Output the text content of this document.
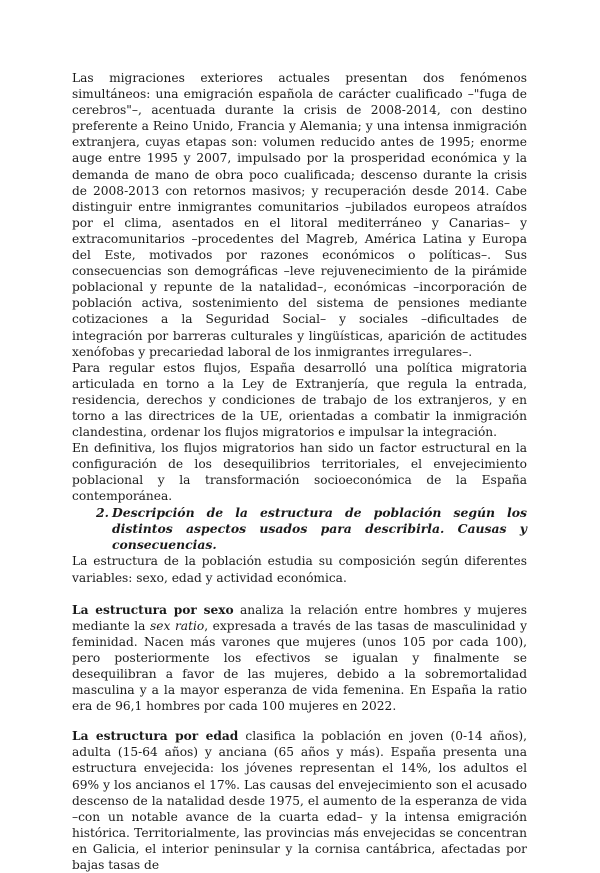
Las migraciones exteriores actuales presentan dos fenómenos simultáneos: una emigración española de carácter cualificado –"fuga de cerebros"–, acentuada durante la crisis de 2008-2014, con destino preferente a Reino Unido, Francia y Alemania; y una intensa inmigración extranjera, cuyas etapas son: volumen reducido antes de 1995; enorme auge entre 1995 y 2007, impulsado por la prosperidad económica y la demanda de mano de obra poco cualificada; descenso durante la crisis de 2008-2013 con retornos masivos; y recuperación desde 2014. Cabe distinguir entre inmigrantes comunitarios –jubilados europeos atraídos por el clima, asentados en el litoral mediterráneo y Canarias– y extracomunitarios –procedentes del Magreb, América Latina y Europa del Este, motivados por razones económicos o políticas–. Sus consecuencias son demográficas –leve rejuvenecimiento de la pirámide poblacional y repunte de la natalidad–, económicas –incorporación de población activa, sostenimiento del sistema de pensiones mediante cotizaciones a la Seguridad Social– y sociales –dificultades de integración por barreras culturales y lingüísticas, aparición de actitudes xenófobas y precariedad laboral de los inmigrantes irregulares–.

Para regular estos flujos, España desarrolló una política migratoria articulada en torno a la Ley de Extranjería, que regula la entrada, residencia, derechos y condiciones de trabajo de los extranjeros, y en torno a las directrices de la UE, orientadas a combatir la inmigración clandestina, ordenar los flujos migratorios e impulsar la integración.

En definitiva, los flujos migratorios han sido un factor estructural en la configuración de los desequilibrios territoriales, el envejecimiento poblacional y la transformación socioeconómica de la España contemporánea.

2. Descripción de la estructura de población según los distintos aspectos usados para describirla. Causas y consecuencias.

La estructura de la población estudia su composición según diferentes variables: sexo, edad y actividad económica.

La estructura por sexo analiza la relación entre hombres y mujeres mediante la sex ratio, expresada a través de las tasas de masculinidad y feminidad. Nacen más varones que mujeres (unos 105 por cada 100), pero posteriormente los efectivos se igualan y finalmente se desequilibran a favor de las mujeres, debido a la sobremortalidad masculina y a la mayor esperanza de vida femenina. En España la ratio era de 96,1 hombres por cada 100 mujeres en 2022.

La estructura por edad clasifica la población en joven (0-14 años), adulta (15-64 años) y anciana (65 años y más). España presenta una estructura envejecida: los jóvenes representan el 14%, los adultos el 69% y los ancianos el 17%. Las causas del envejecimiento son el acusado descenso de la natalidad desde 1975, el aumento de la esperanza de vida –con un notable avance de la cuarta edad– y la intensa emigración histórica. Territorialmente, las provincias más envejecidas se concentran en Galicia, el interior peninsular y la cornisa cantábrica, afectadas por bajas tasas de
